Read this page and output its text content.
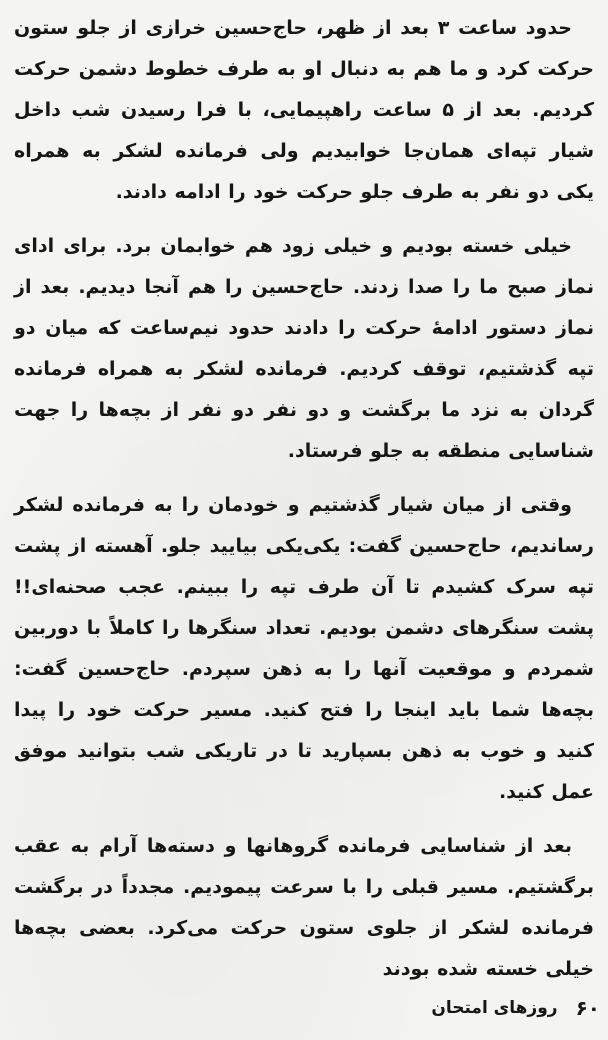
حدود ساعت ۳ بعد از ظهر، حاج‌حسین خرازی از جلو ستون حرکت کرد و ما هم به دنبال او به طرف خطوط دشمن حرکت کردیم. بعد از ۵ ساعت راهپیمایی، با فرا رسیدن شب داخل شیار تپه‌ای همان‌جا خوابیدیم ولی فرمانده لشکر به همراه یکی دو نفر به طرف جلو حرکت خود را ادامه دادند.

خیلی خسته بودیم و خیلی زود هم خوابمان برد. برای ادای نماز صبح ما را صدا زدند. حاج‌حسین را هم آنجا دیدیم. بعد از نماز دستور ادامهٔ حرکت را دادند حدود نیم‌ساعت که میان دو تپه گذشتیم، توقف کردیم. فرمانده لشکر به همراه فرمانده گردان به نزد ما برگشت و دو نفر دو نفر از بچه‌ها را جهت شناسایی منطقه به جلو فرستاد.

وقتی از میان شیار گذشتیم و خودمان را به فرمانده لشکر رساندیم، حاج‌حسین گفت: یکی‌یکی بیایید جلو. آهسته از پشت تپه سرک کشیدم تا آن طرف تپه را ببینم. عجب صحنه‌ای!! پشت سنگرهای دشمن بودیم. تعداد سنگرها را کاملاً با دوربین شمردم و موقعیت آنها را به ذهن سپردم. حاج‌حسین گفت: بچه‌ها شما باید اینجا را فتح کنید. مسیر حرکت خود را پیدا کنید و خوب به ذهن بسپارید تا در تاریکی شب بتوانید موفق عمل کنید.

بعد از شناسایی فرمانده گروهانها و دسته‌ها آرام به عقب برگشتیم. مسیر قبلی را با سرعت پیمودیم. مجدداً در برگشت فرمانده لشکر از جلوی ستون حرکت می‌کرد. بعضی بچه‌ها خیلی خسته شده بودند

۶۰
روزهای امتحان
